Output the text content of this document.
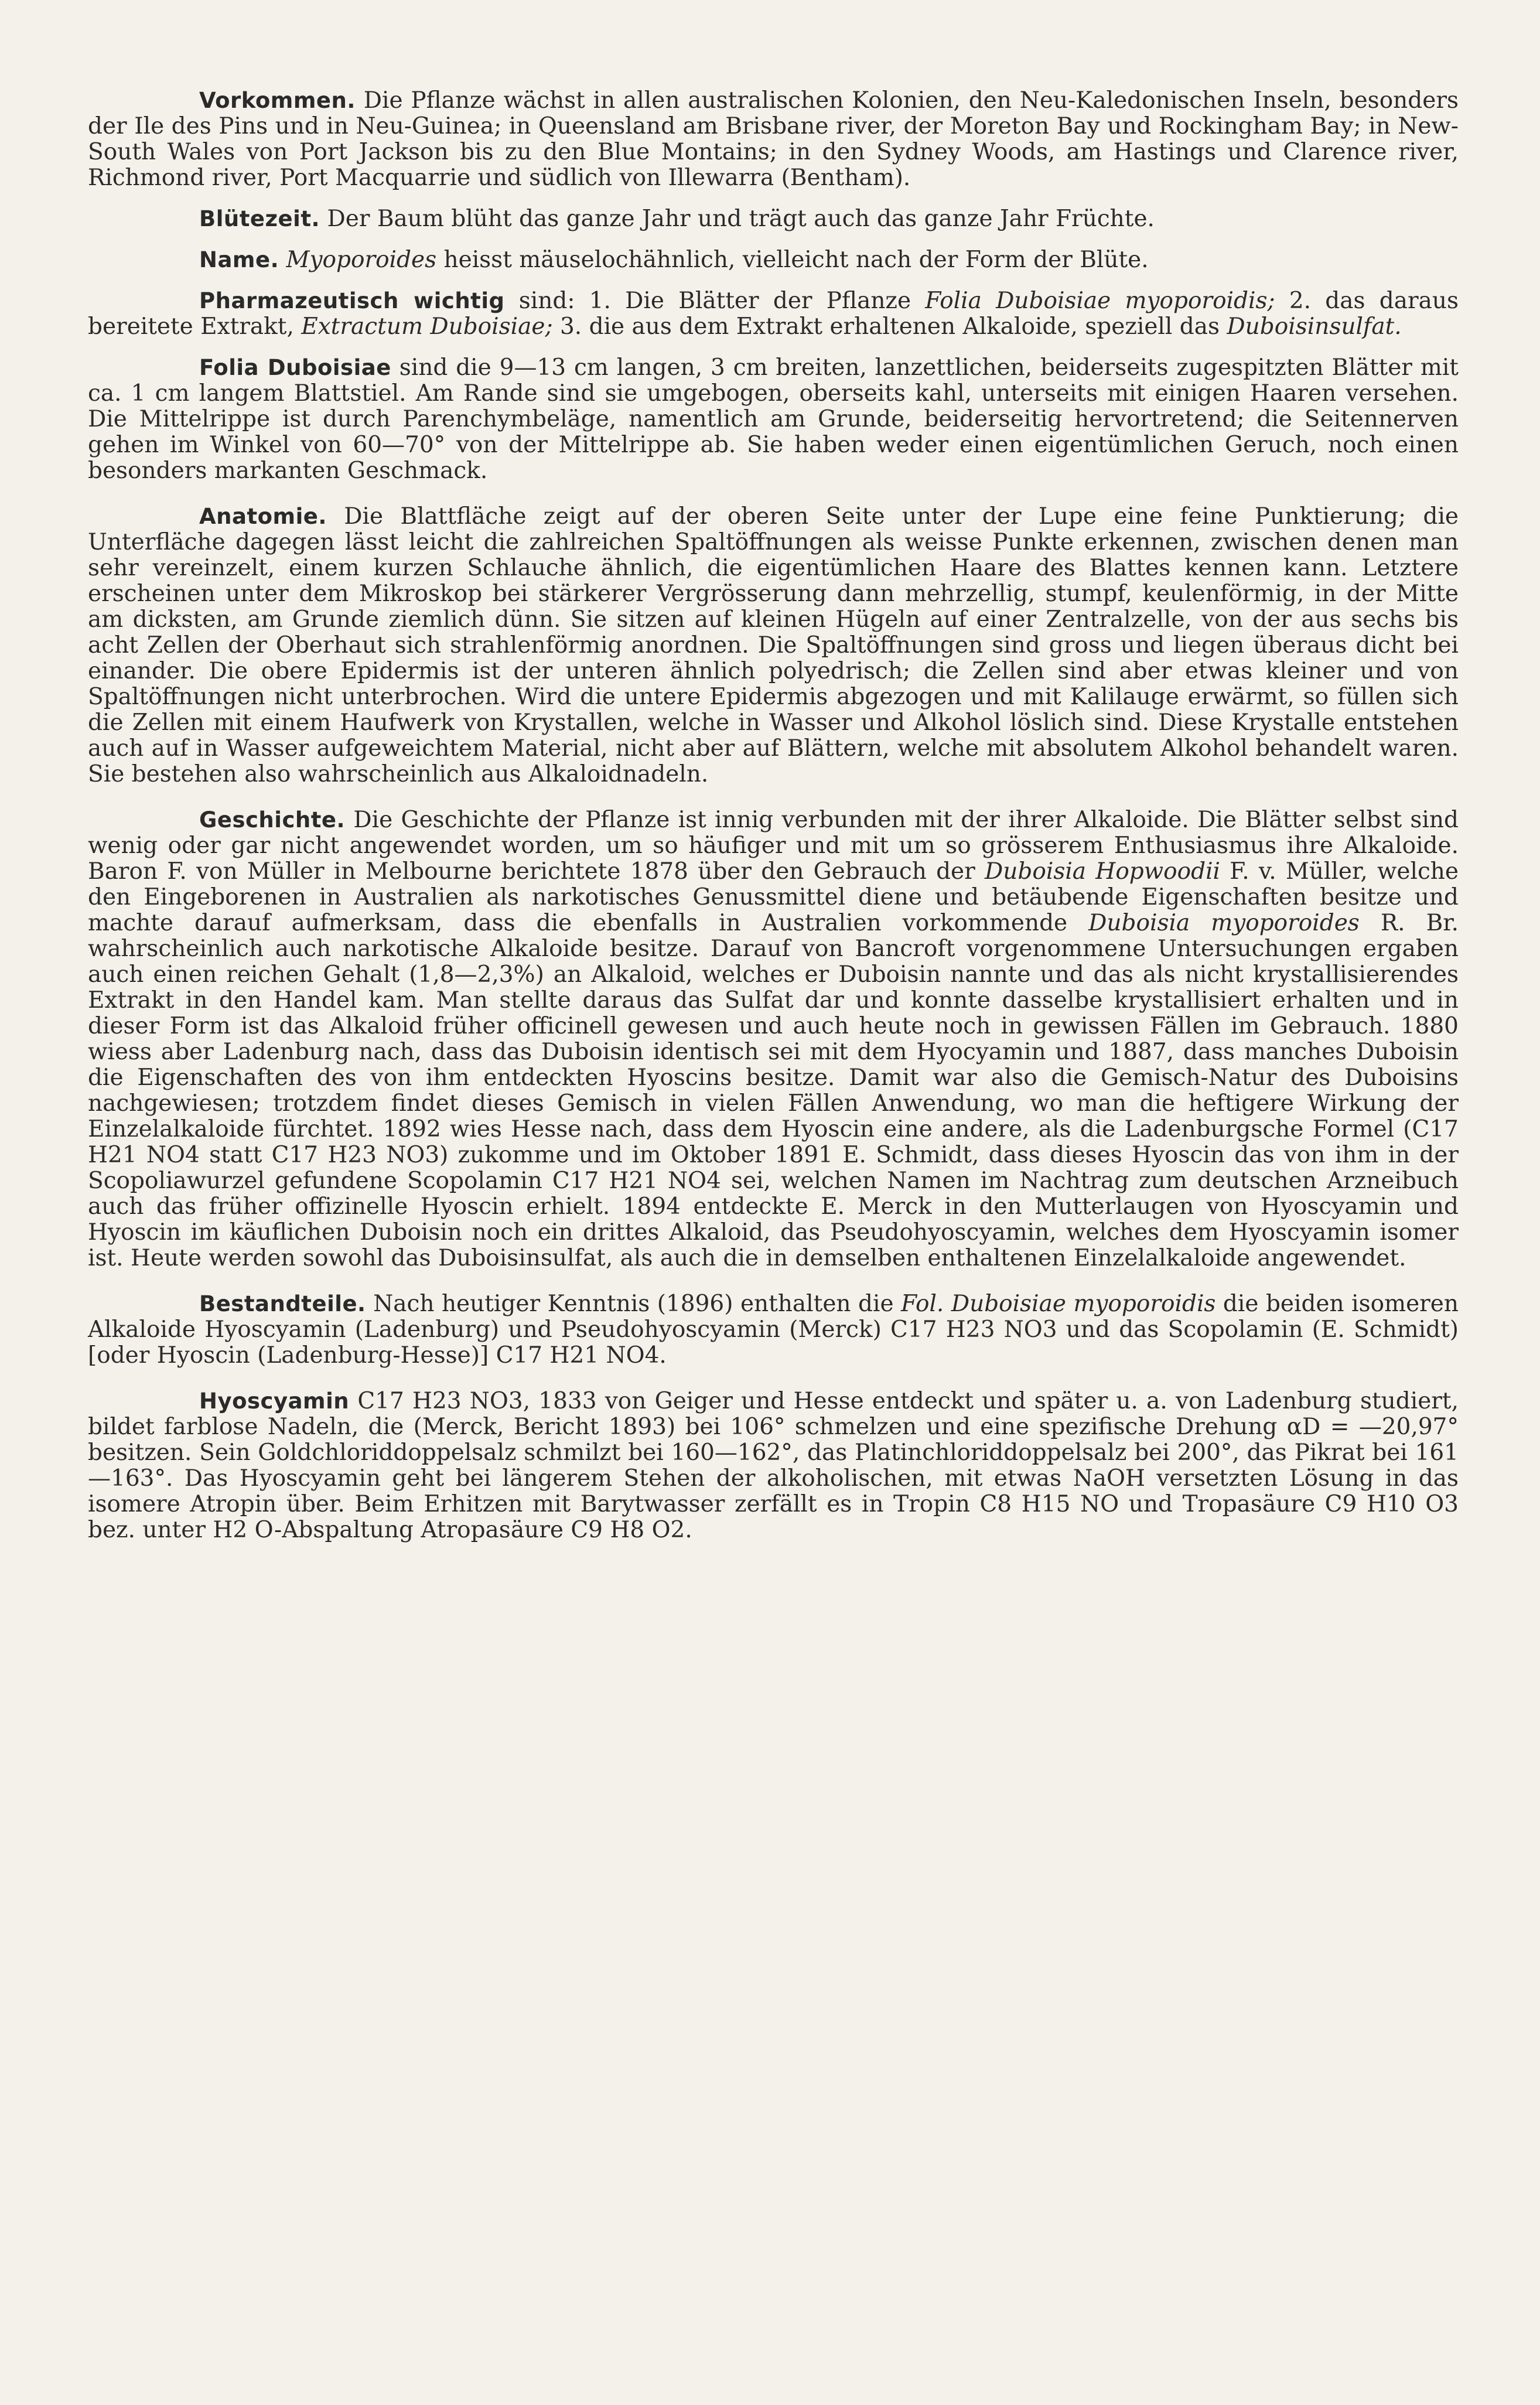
Vorkommen. Die Pflanze wächst in allen australischen Kolonien, den Neu-Kaledonischen Inseln, besonders der Ile des Pins und in Neu-Guinea; in Queensland am Brisbane river, der Moreton Bay und Rockingham Bay; in New-South Wales von Port Jackson bis zu den Blue Montains; in den Sydney Woods, am Hastings und Clarence river, Richmond river, Port Macquarrie und südlich von Illewarra (Bentham).

Blütezeit. Der Baum blüht das ganze Jahr und trägt auch das ganze Jahr Früchte.

Name. Myoporoides heisst mäuselochähnlich, vielleicht nach der Form der Blüte.

Pharmazeutisch wichtig sind: 1. Die Blätter der Pflanze Folia Duboisiae myoporoidis; 2. das daraus bereitete Extrakt, Extractum Duboisiae; 3. die aus dem Extrakt erhaltenen Alkaloide, speziell das Duboisinsulfat.

Folia Duboisiae sind die 9—13 cm langen, 3 cm breiten, lanzettlichen, beiderseits zugespitzten Blätter mit ca. 1 cm langem Blattstiel. Am Rande sind sie umgebogen, oberseits kahl, unterseits mit einigen Haaren versehen. Die Mittelrippe ist durch Parenchymbeläge, namentlich am Grunde, beiderseitig hervortretend; die Seitennerven gehen im Winkel von 60—70° von der Mittelrippe ab. Sie haben weder einen eigentümlichen Geruch, noch einen besonders markanten Geschmack.

Anatomie. Die Blattfläche zeigt auf der oberen Seite unter der Lupe eine feine Punktierung; die Unterfläche dagegen lässt leicht die zahlreichen Spaltöffnungen als weisse Punkte erkennen, zwischen denen man sehr vereinzelt, einem kurzen Schlauche ähnlich, die eigentümlichen Haare des Blattes kennen kann. Letztere erscheinen unter dem Mikroskop bei stärkerer Vergrösserung dann mehrzellig, stumpf, keulenförmig, in der Mitte am dicksten, am Grunde ziemlich dünn. Sie sitzen auf kleinen Hügeln auf einer Zentralzelle, von der aus sechs bis acht Zellen der Oberhaut sich strahlenförmig anordnen. Die Spaltöffnungen sind gross und liegen überaus dicht bei einander. Die obere Epidermis ist der unteren ähnlich polyedrisch; die Zellen sind aber etwas kleiner und von Spaltöffnungen nicht unterbrochen. Wird die untere Epidermis abgezogen und mit Kalilauge erwärmt, so füllen sich die Zellen mit einem Haufwerk von Krystallen, welche in Wasser und Alkohol löslich sind. Diese Krystalle entstehen auch auf in Wasser aufgeweichtem Material, nicht aber auf Blättern, welche mit absolutem Alkohol behandelt waren. Sie bestehen also wahrscheinlich aus Alkaloidnadeln.

Geschichte. Die Geschichte der Pflanze ist innig verbunden mit der ihrer Alkaloide. Die Blätter selbst sind wenig oder gar nicht angewendet worden, um so häufiger und mit um so grösserem Enthusiasmus ihre Alkaloide. Baron F. von Müller in Melbourne berichtete 1878 über den Gebrauch der Duboisia Hopwoodii F. v. Müller, welche den Eingeborenen in Australien als narkotisches Genussmittel diene und betäubende Eigenschaften besitze und machte darauf aufmerksam, dass die ebenfalls in Australien vorkommende Duboisia myoporoides R. Br. wahrscheinlich auch narkotische Alkaloide besitze. Darauf von Bancroft vorgenommene Untersuchungen ergaben auch einen reichen Gehalt (1,8—2,3%) an Alkaloid, welches er Duboisin nannte und das als nicht krystallisierendes Extrakt in den Handel kam. Man stellte daraus das Sulfat dar und konnte dasselbe krystallisiert erhalten und in dieser Form ist das Alkaloid früher officinell gewesen und auch heute noch in gewissen Fällen im Gebrauch. 1880 wiess aber Ladenburg nach, dass das Duboisin identisch sei mit dem Hyocyamin und 1887, dass manches Duboisin die Eigenschaften des von ihm entdeckten Hyoscins besitze. Damit war also die Gemisch-Natur des Duboisins nachgewiesen; trotzdem findet dieses Gemisch in vielen Fällen Anwendung, wo man die heftigere Wirkung der Einzelalkaloide fürchtet. 1892 wies Hesse nach, dass dem Hyoscin eine andere, als die Ladenburgsche Formel (C17 H21 NO4 statt C17 H23 NO3) zukomme und im Oktober 1891 E. Schmidt, dass dieses Hyoscin das von ihm in der Scopoliawurzel gefundene Scopolamin C17 H21 NO4 sei, welchen Namen im Nachtrag zum deutschen Arzneibuch auch das früher offizinelle Hyoscin erhielt. 1894 entdeckte E. Merck in den Mutterlaugen von Hyoscyamin und Hyoscin im käuflichen Duboisin noch ein drittes Alkaloid, das Pseudohyoscyamin, welches dem Hyoscyamin isomer ist. Heute werden sowohl das Duboisinsulfat, als auch die in demselben enthaltenen Einzelalkaloide angewendet.

Bestandteile. Nach heutiger Kenntnis (1896) enthalten die Fol. Duboisiae myoporoidis die beiden isomeren Alkaloide Hyoscyamin (Ladenburg) und Pseudohyoscyamin (Merck) C17 H23 NO3 und das Scopolamin (E. Schmidt) [oder Hyoscin (Ladenburg-Hesse)] C17 H21 NO4.

Hyoscyamin C17 H23 NO3, 1833 von Geiger und Hesse entdeckt und später u. a. von Ladenburg studiert, bildet farblose Nadeln, die (Merck, Bericht 1893) bei 106° schmelzen und eine spezifische Drehung αD = —20,97° besitzen. Sein Goldchloriddoppelsalz schmilzt bei 160—162°, das Platinchloriddoppelsalz bei 200°, das Pikrat bei 161—163°. Das Hyoscyamin geht bei längerem Stehen der alkoholischen, mit etwas NaOH versetzten Lösung in das isomere Atropin über. Beim Erhitzen mit Barytwasser zerfällt es in Tropin C8 H15 NO und Tropasäure C9 H10 O3 bez. unter H2 O-Abspaltung Atropasäure C9 H8 O2.
